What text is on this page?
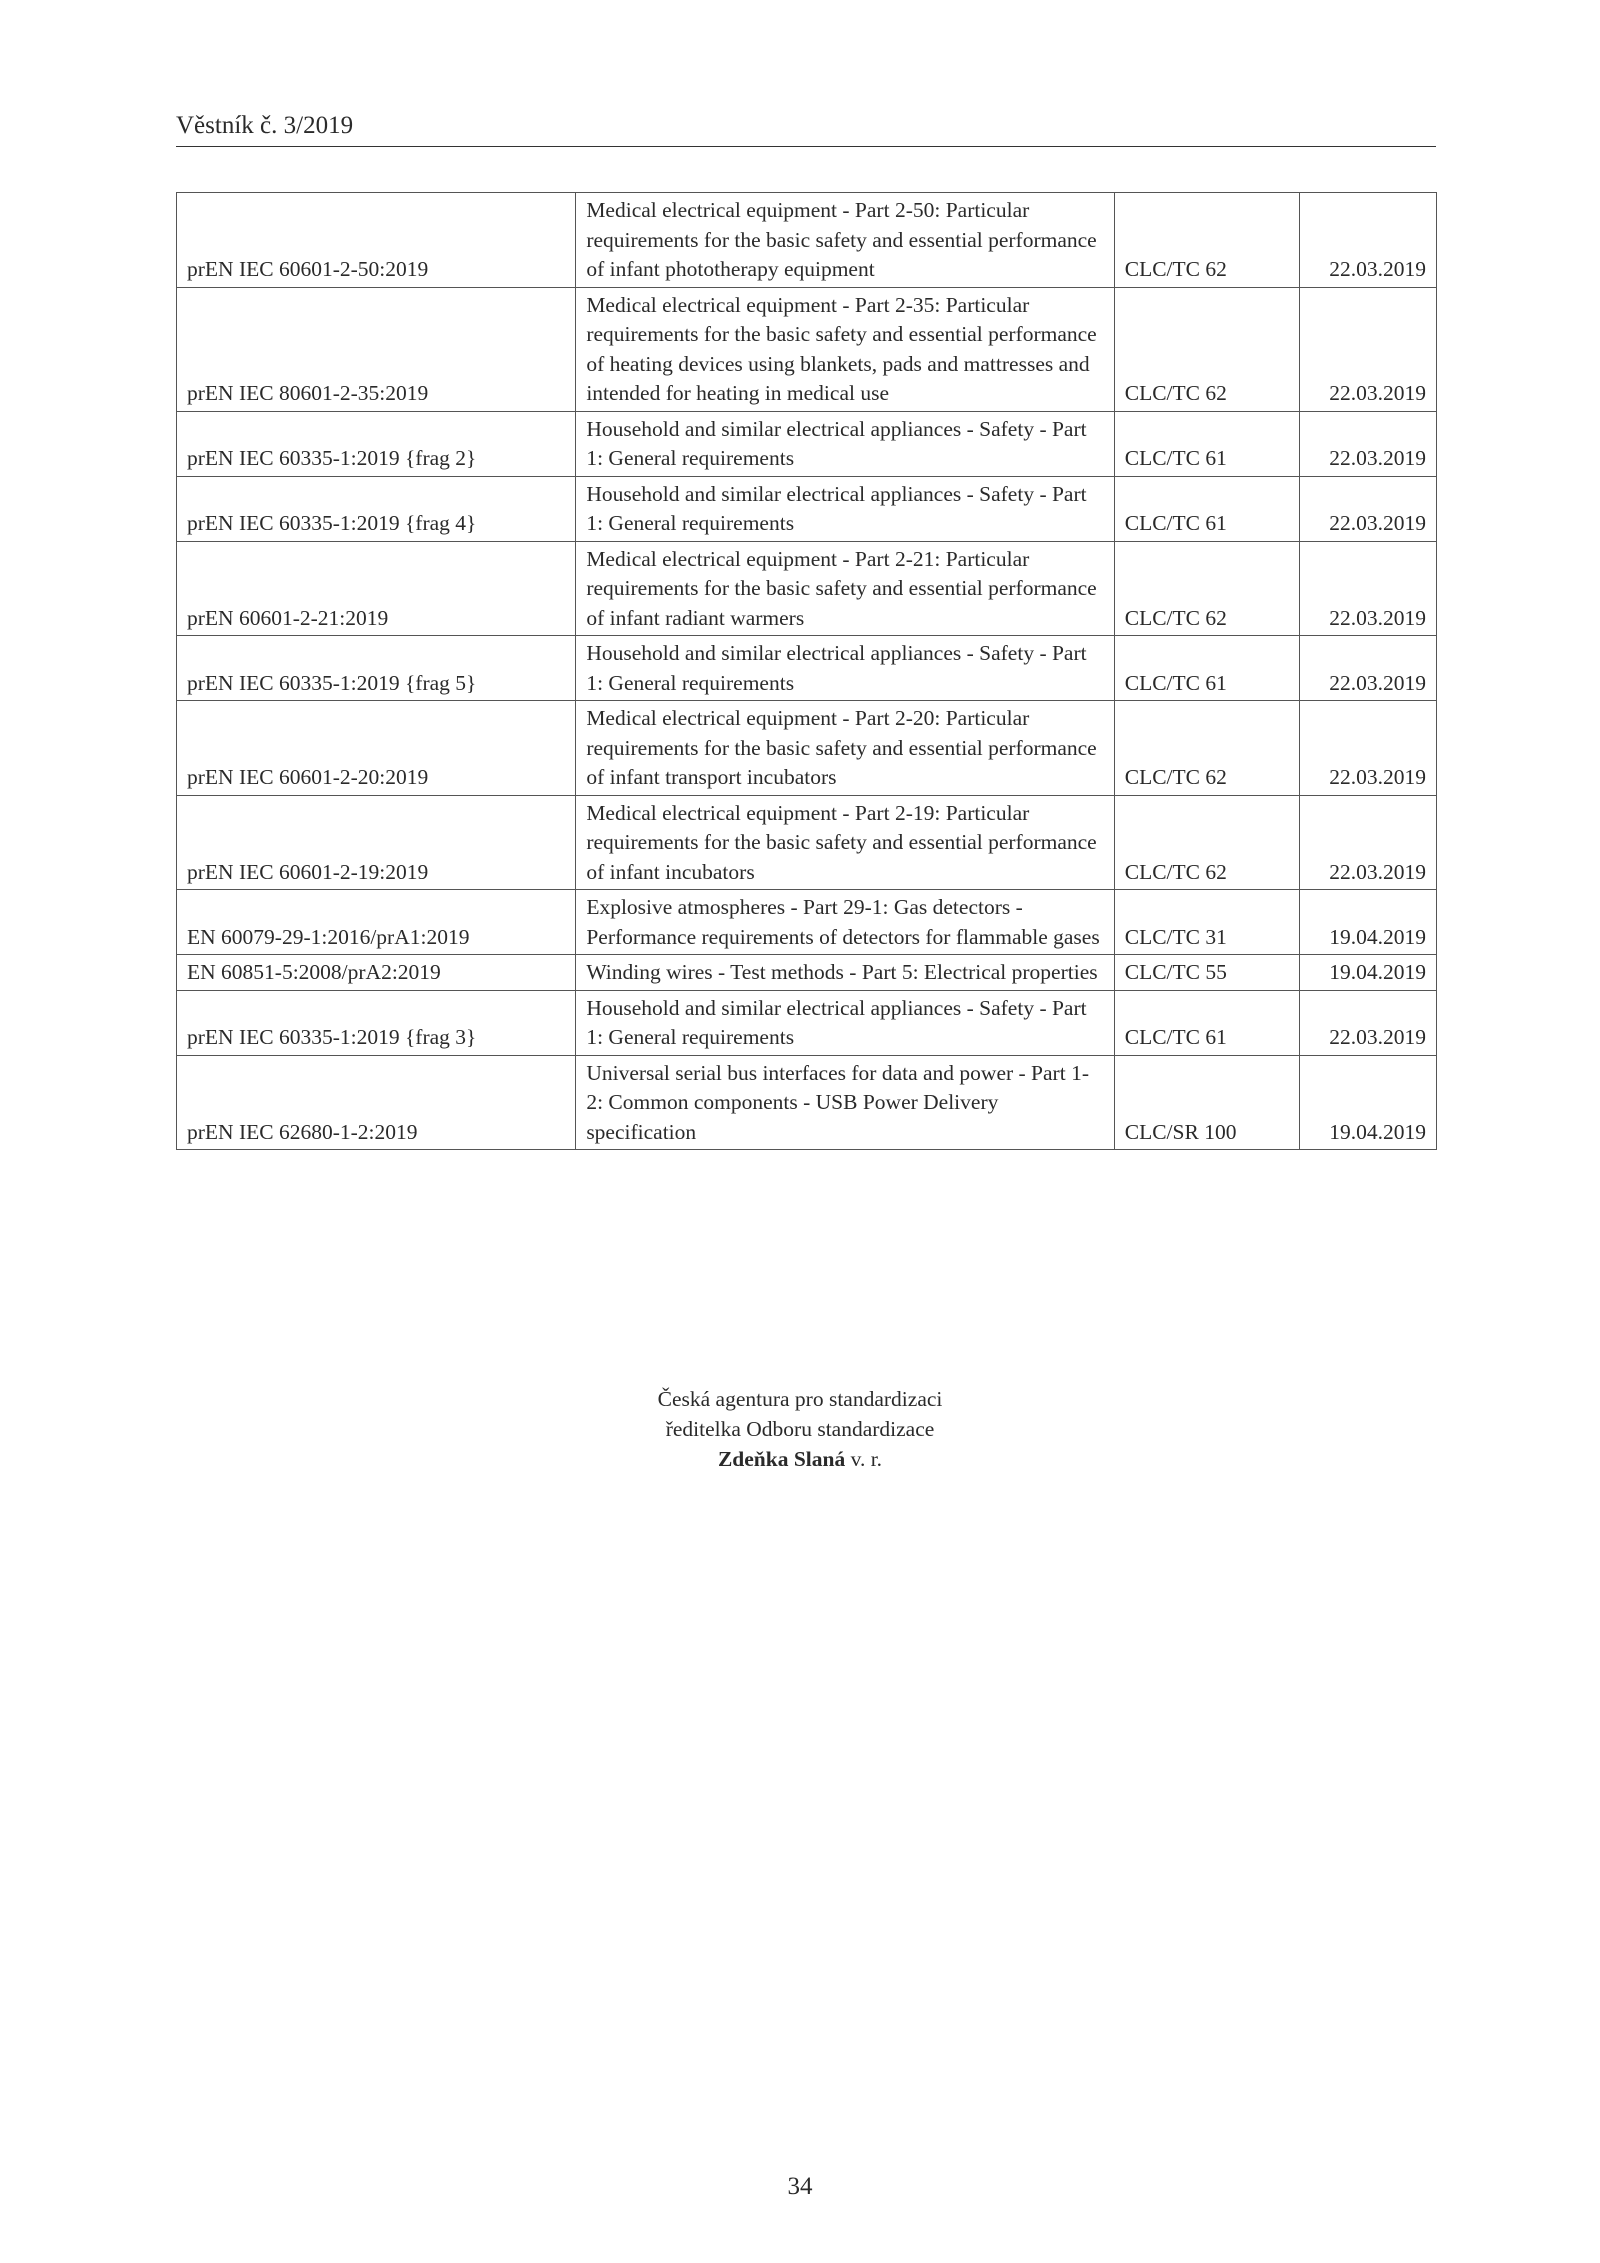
Věstník č. 3/2019
prEN IEC 60601-2-50:2019	Medical electrical equipment - Part 2-50: Particular requirements for the basic safety and essential performance of infant phototherapy equipment	CLC/TC 62	22.03.2019
prEN IEC 80601-2-35:2019	Medical electrical equipment - Part 2-35: Particular requirements for the basic safety and essential performance of heating devices using blankets, pads and mattresses and intended for heating in medical use	CLC/TC 62	22.03.2019
prEN IEC 60335-1:2019 {frag 2}	Household and similar electrical appliances - Safety - Part 1: General requirements	CLC/TC 61	22.03.2019
prEN IEC 60335-1:2019 {frag 4}	Household and similar electrical appliances - Safety - Part 1: General requirements	CLC/TC 61	22.03.2019
prEN 60601-2-21:2019	Medical electrical equipment - Part 2-21: Particular requirements for the basic safety and essential performance of infant radiant warmers	CLC/TC 62	22.03.2019
prEN IEC 60335-1:2019 {frag 5}	Household and similar electrical appliances - Safety - Part 1: General requirements	CLC/TC 61	22.03.2019
prEN IEC 60601-2-20:2019	Medical electrical equipment - Part 2-20: Particular requirements for the basic safety and essential performance of infant transport incubators	CLC/TC 62	22.03.2019
prEN IEC 60601-2-19:2019	Medical electrical equipment - Part 2-19: Particular requirements for the basic safety and essential performance of infant incubators	CLC/TC 62	22.03.2019
EN 60079-29-1:2016/prA1:2019	Explosive atmospheres - Part 29-1: Gas detectors - Performance requirements of detectors for flammable gases	CLC/TC 31	19.04.2019
EN 60851-5:2008/prA2:2019	Winding wires - Test methods - Part 5: Electrical properties	CLC/TC 55	19.04.2019
prEN IEC 60335-1:2019 {frag 3}	Household and similar electrical appliances - Safety - Part 1: General requirements	CLC/TC 61	22.03.2019
prEN IEC 62680-1-2:2019	Universal serial bus interfaces for data and power - Part 1-2: Common components - USB Power Delivery specification	CLC/SR 100	19.04.2019
Česká agentura pro standardizaci
ředitelka Odboru standardizace
Zdeňka Slaná v. r.
34
